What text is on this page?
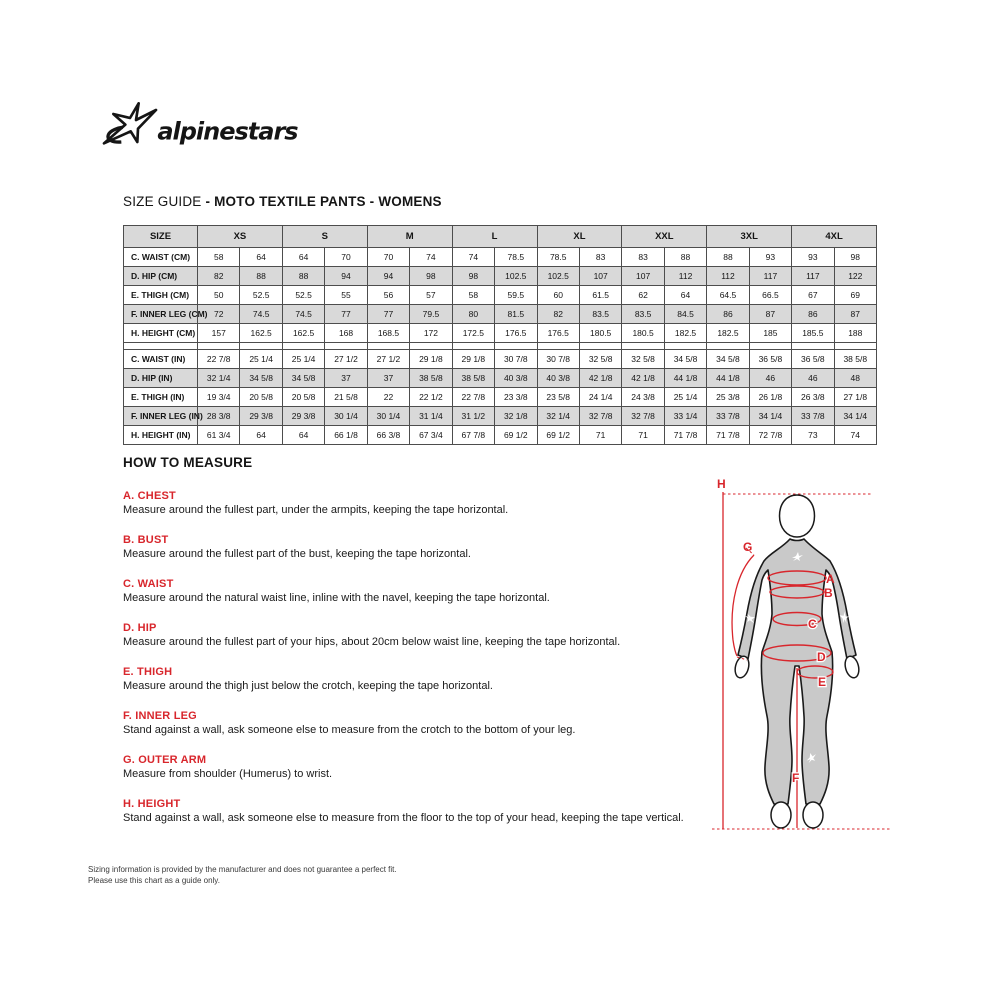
alpinestars
SIZE GUIDE - MOTO TEXTILE PANTS - WOMENS
SIZE	XS		S		M		L		XL		XXL		3XL		4XL	
C. WAIST (CM)	58	64	64	70	70	74	74	78.5	78.5	83	83	88	88	93	93	98
D. HIP (CM)	82	88	88	94	94	98	98	102.5	102.5	107	107	112	112	117	117	122
E. THIGH (CM)	50	52.5	52.5	55	56	57	58	59.5	60	61.5	62	64	64.5	66.5	67	69
F. INNER LEG (CM)	72	74.5	74.5	77	77	79.5	80	81.5	82	83.5	83.5	84.5	86	87	86	87
H. HEIGHT (CM)	157	162.5	162.5	168	168.5	172	172.5	176.5	176.5	180.5	180.5	182.5	182.5	185	185.5	188

C. WAIST (IN)	22 7/8	25 1/4	25 1/4	27 1/2	27 1/2	29 1/8	29 1/8	30 7/8	30 7/8	32 5/8	32 5/8	34 5/8	34 5/8	36 5/8	36 5/8	38 5/8
D. HIP (IN)	32 1/4	34 5/8	34 5/8	37	37	38 5/8	38 5/8	40 3/8	40 3/8	42 1/8	42 1/8	44 1/8	44 1/8	46	46	48
E. THIGH (IN)	19 3/4	20 5/8	20 5/8	21 5/8	22	22 1/2	22 7/8	23 3/8	23 5/8	24 1/4	24 3/8	25 1/4	25 3/8	26 1/8	26 3/8	27 1/8
F. INNER LEG (IN)	28 3/8	29 3/8	29 3/8	30 1/4	30 1/4	31 1/4	31 1/2	32 1/8	32 1/4	32 7/8	32 7/8	33 1/4	33 7/8	34 1/4	33 7/8	34 1/4
H. HEIGHT (IN)	61 3/4	64	64	66 1/8	66 3/8	67 3/4	67 7/8	69 1/2	69 1/2	71	71	71 7/8	71 7/8	72 7/8	73	74
HOW TO MEASURE
A. CHEST
Measure around the fullest part, under the armpits, keeping the tape horizontal.
B. BUST
Measure around the fullest part of the bust, keeping the tape horizontal.
C. WAIST
Measure around the natural waist line, inline with the navel, keeping the tape horizontal.
D. HIP
Measure around the fullest part of your hips, about 20cm below waist line, keeping the tape horizontal.
E. THIGH
Measure around the thigh just below the crotch, keeping the tape horizontal.
F. INNER LEG
Stand against a wall, ask someone else to measure from the crotch to the bottom of your leg.
G. OUTER ARM
Measure from shoulder (Humerus) to wrist.
H. HEIGHT
Stand against a wall, ask someone else to measure from the floor to the top of your head, keeping the tape vertical.
A
B
C
D
E
F
G
H
Sizing information is provided by the manufacturer and does not guarantee a perfect fit.
Please use this chart as a guide only.
